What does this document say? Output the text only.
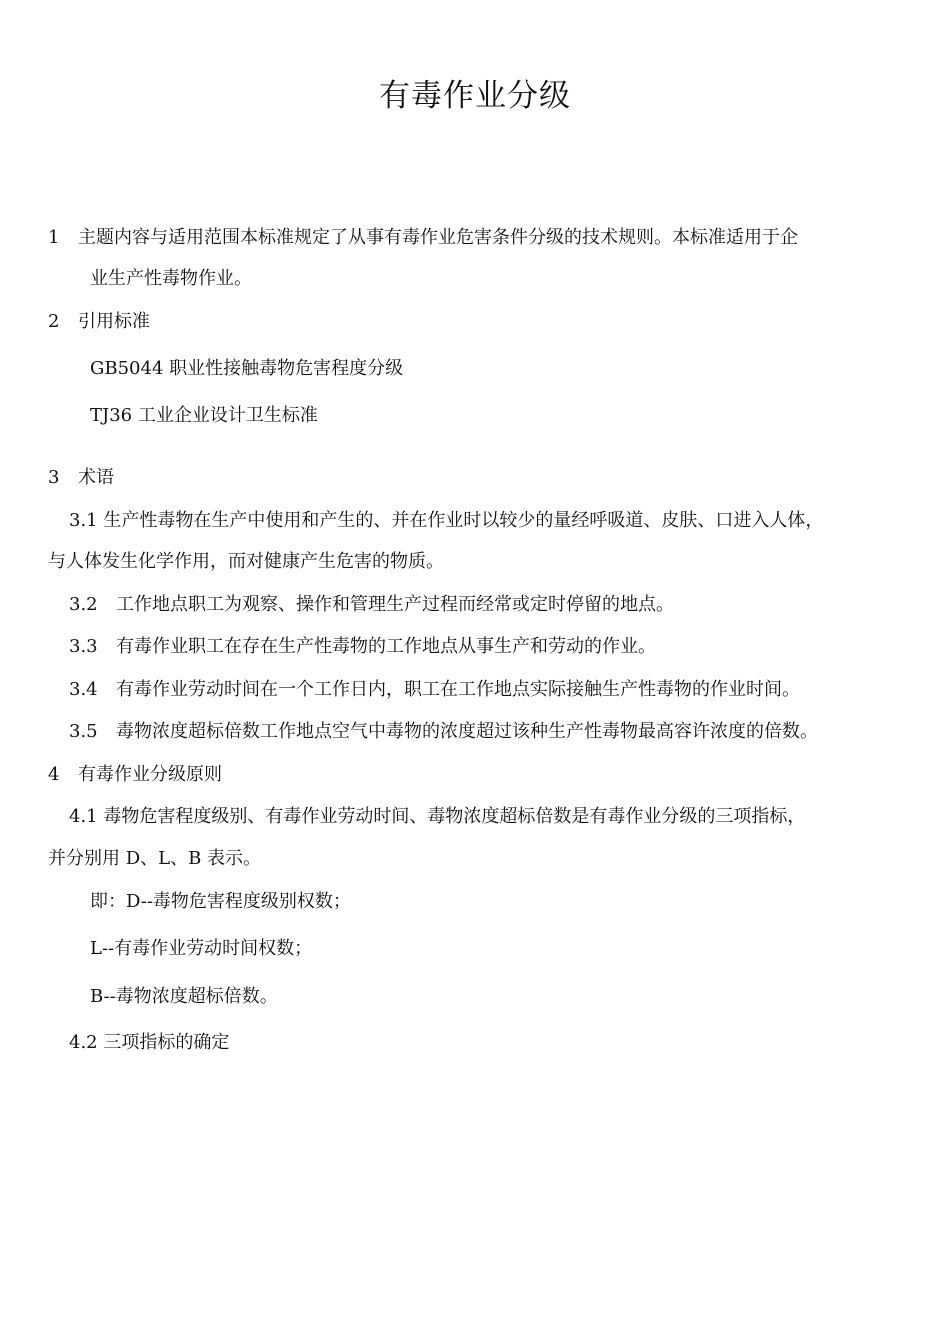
有毒作业分级
1 主题内容与适用范围本标准规定了从事有毒作业危害条件分级的技术规则。本标准适用于企
业生产性毒物作业。
2 引用标准
GB5044 职业性接触毒物危害程度分级
TJ36 工业企业设计卫生标准
3 术语
3.1 生产性毒物在生产中使用和产生的、并在作业时以较少的量经呼吸道、皮肤、口进入人体，
与人体发生化学作用，而对健康产生危害的物质。
3.2 工作地点职工为观察、操作和管理生产过程而经常或定时停留的地点。
3.3 有毒作业职工在存在生产性毒物的工作地点从事生产和劳动的作业。
3.4 有毒作业劳动时间在一个工作日内，职工在工作地点实际接触生产性毒物的作业时间。
3.5 毒物浓度超标倍数工作地点空气中毒物的浓度超过该种生产性毒物最高容许浓度的倍数。
4 有毒作业分级原则
4.1 毒物危害程度级别、有毒作业劳动时间、毒物浓度超标倍数是有毒作业分级的三项指标，
并分别用 D、L、B 表示。
即：D--毒物危害程度级别权数；
L--有毒作业劳动时间权数；
B--毒物浓度超标倍数。
4.2 三项指标的确定
